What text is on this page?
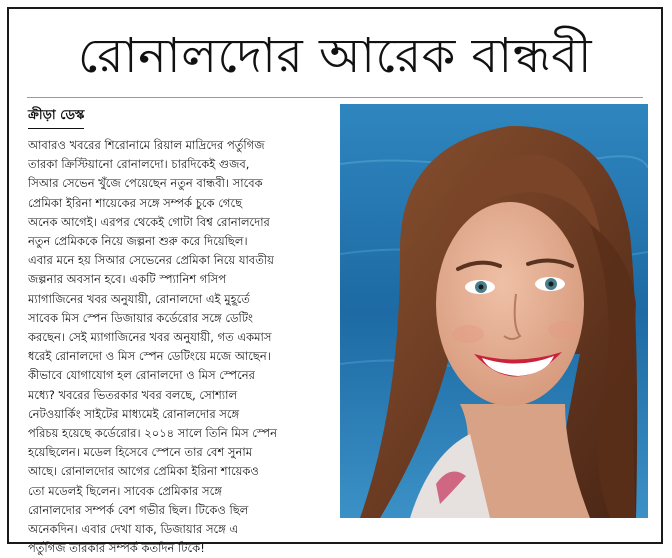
রোনালদোর আরেক বান্ধবী
ক্রীড়া ডেস্ক
আবারও খবরের শিরোনামে রিয়াল মাদ্রিদের পর্তুগিজ
তারকা ক্রিস্টিয়ানো রোনালদো। চারদিকেই গুজব,
সিআর সেভেন খুঁজে পেয়েছেন নতুন বান্ধবী। সাবেক
প্রেমিকা ইরিনা শায়েকের সঙ্গে সম্পর্ক চুকে গেছে
অনেক আগেই। এরপর থেকেই গোটা বিশ্ব রোনালদোর
নতুন প্রেমিককে নিয়ে জল্পনা শুরু করে দিয়েছিল।
এবার মনে হয় সিআর সেভেনের প্রেমিকা নিয়ে যাবতীয়
জল্পনার অবসান হবে। একটি স্প্যানিশ গসিপ
ম্যাগাজিনের খবর অনুযায়ী, রোনালদো এই মুহূর্তে
সাবেক মিস স্পেন ডিজায়ার কর্ডেরোর সঙ্গে ডেটিং
করছেন। সেই ম্যাগাজিনের খবর অনুযায়ী, গত একমাস
ধরেই রোনালদো ও মিস স্পেন ডেটিংয়ে মজে আছেন।
কীভাবে যোগাযোগ হল রোনালদো ও মিস স্পেনের
মধ্যে? খবরের ভিতরকার খবর বলছে, সোশ্যাল
নেটওয়ার্কিং সাইটের মাধ্যমেই রোনালদোর সঙ্গে
পরিচয় হয়েছে কর্ডেরোর। ২০১৪ সালে তিনি মিস স্পেন
হয়েছিলেন। মডেল হিসেবে স্পেনে তার বেশ সুনাম
আছে। রোনালদোর আগের প্রেমিকা ইরিনা শায়েকও
তো মডেলই ছিলেন। সাবেক প্রেমিকার সঙ্গে
রোনালদোর সম্পর্ক বেশ গভীর ছিল। টিকেও ছিল
অনেকদিন। এবার দেখা যাক, ডিজায়ার সঙ্গে এ
পর্তুগিজ তারকার সম্পর্ক কতদিন টিকে!
